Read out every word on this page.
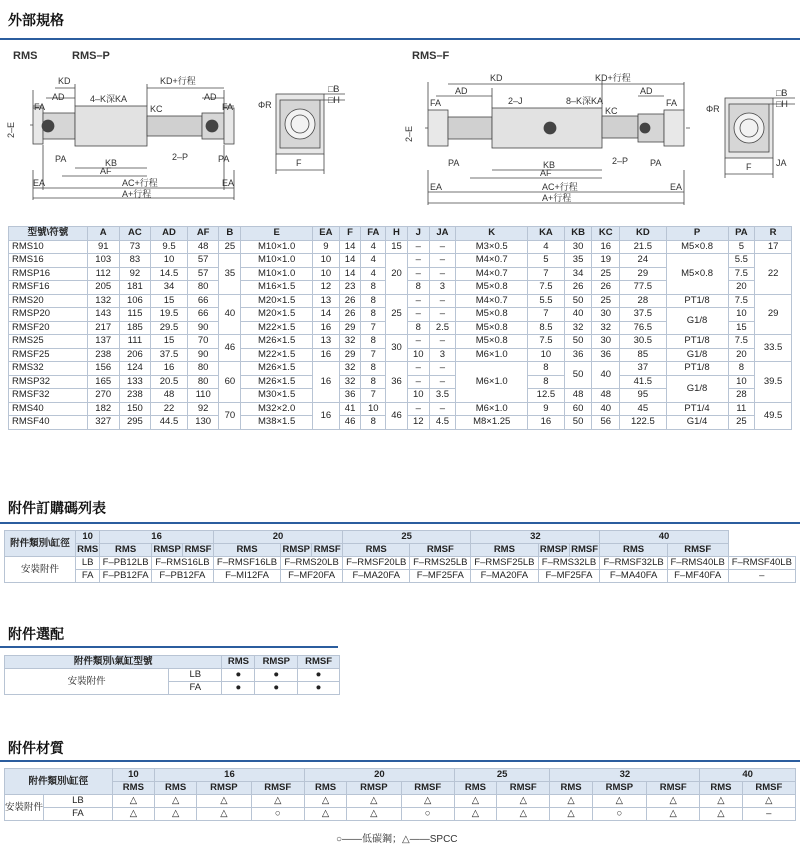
外部規格
RMS	RMS–P	RMS–F
KD
AD
FA
KD+行程
4–K深KA
KC
AD
FA
2–E
PA	PA
KB
AF
2–P
EA	EA
AC+行程
A+行程
□B
□H
ΦR
F
KD
AD
FA	2–J
KD+行程
8–K深KA
KC
AD
FA
2–E
PA	PA
KB
AF
2–P
EA	EA
AC+行程
A+行程
□B
□H
ΦR
F	JA
型號\符號	A	AC	AD	AF	B	E	EA	F	FA	H	J	JA	K	KA	KB	KC	KD	P	PA	R
RMS10	91	73	9.5	48	25	M10×1.0	9	14	4	15	–	–	M3×0.5	4	30	16	21.5	M5×0.8	5	17
RMS16	103	83	10	57	35	M10×1.0	10	14	4	20	–	–	M4×0.7	5	35	19	24	M5×0.8	5.5	22
RMSP16	112	92	14.5	57		M10×1.0	10	14	4		–	–	M4×0.7	7	34	25	29		7.5	
RMSF16	205	181	34	80		M16×1.5	12	23	8		8	3	M5×0.8	7.5	26	26	77.5		20	
RMS20	132	106	15	66	40	M20×1.5	13	26	8	25	–	–	M4×0.7	5.5	50	25	28	PT1/8	7.5	29
RMSP20	143	115	19.5	66		M20×1.5	14	26	8		–	–	M5×0.8	7	40	30	37.5	G1/8	10	
RMSF20	217	185	29.5	90		M22×1.5	16	29	7		8	2.5	M5×0.8	8.5	32	32	76.5		15	
RMS25	137	111	15	70	46	M26×1.5	13	32	8	30	–	–	M5×0.8	7.5	50	30	30.5	PT1/8	7.5	33.5
RMSF25	238	206	37.5	90		M22×1.5	16	29	7		10	3	M6×1.0	10	36	36	85	G1/8	20	
RMS32	156	124	16	80	60	M26×1.5	16	32	8	36	–	–	M6×1.0	8	50	40	37	PT1/8	8	39.5
RMSP32	165	133	20.5	80		M26×1.5		32	8		–	–		8			41.5	G1/8	10	
RMSF32	270	238	48	110		M30×1.5		36	7		10	3.5		12.5	48	48	95		28	
RMS40	182	150	22	92	70	M32×2.0	16	41	10	46	–	–	M6×1.0	9	60	40	45	PT1/4	11	49.5
RMSF40	327	295	44.5	130		M38×1.5		46	8		12	4.5	M8×1.25	16	50	56	122.5	G1/4	25	
附件訂購碼列表
附件類別\缸徑	10	16			20			25		32			40		
	RMS	RMS	RMSP	RMSF	RMS	RMSP	RMSF	RMS	RMSF	RMS	RMSP	RMSF	RMS	RMSF	
安裝附件	LB	F–PB12LB	F–RMS16LB		F–RMSF16LB	F–RMS20LB		F–RMSF20LB	F–RMS25LB	F–RMSF25LB	F–RMS32LB		F–RMSF32LB	F–RMS40LB	F–RMSF40LB
	FA	F–PB12FA	F–PB12FA		F–MI12FA	F–MF20FA		F–MA20FA	F–MF25FA	F–MA20FA	F–MF25FA		F–MA40FA	F–MF40FA	–
附件選配
附件類別\氣缸型號		RMS	RMSP	RMSF
安裝附件	LB	●	●	●
	FA	●	●	●
附件材質
附件類別\缸徑		10	16			20			25		32			40	
		RMS	RMS	RMSP	RMSF	RMS	RMSP	RMSF	RMS	RMSF	RMS	RMSP	RMSF	RMS	RMSF
安裝附件	LB	△	△	△	△	△	△	△	△	△	△	△	△	△	△
	FA	△	△	△	○	△	△	○	△	△	△	○	△	△	–
○——低碳鋼；△——SPCC
